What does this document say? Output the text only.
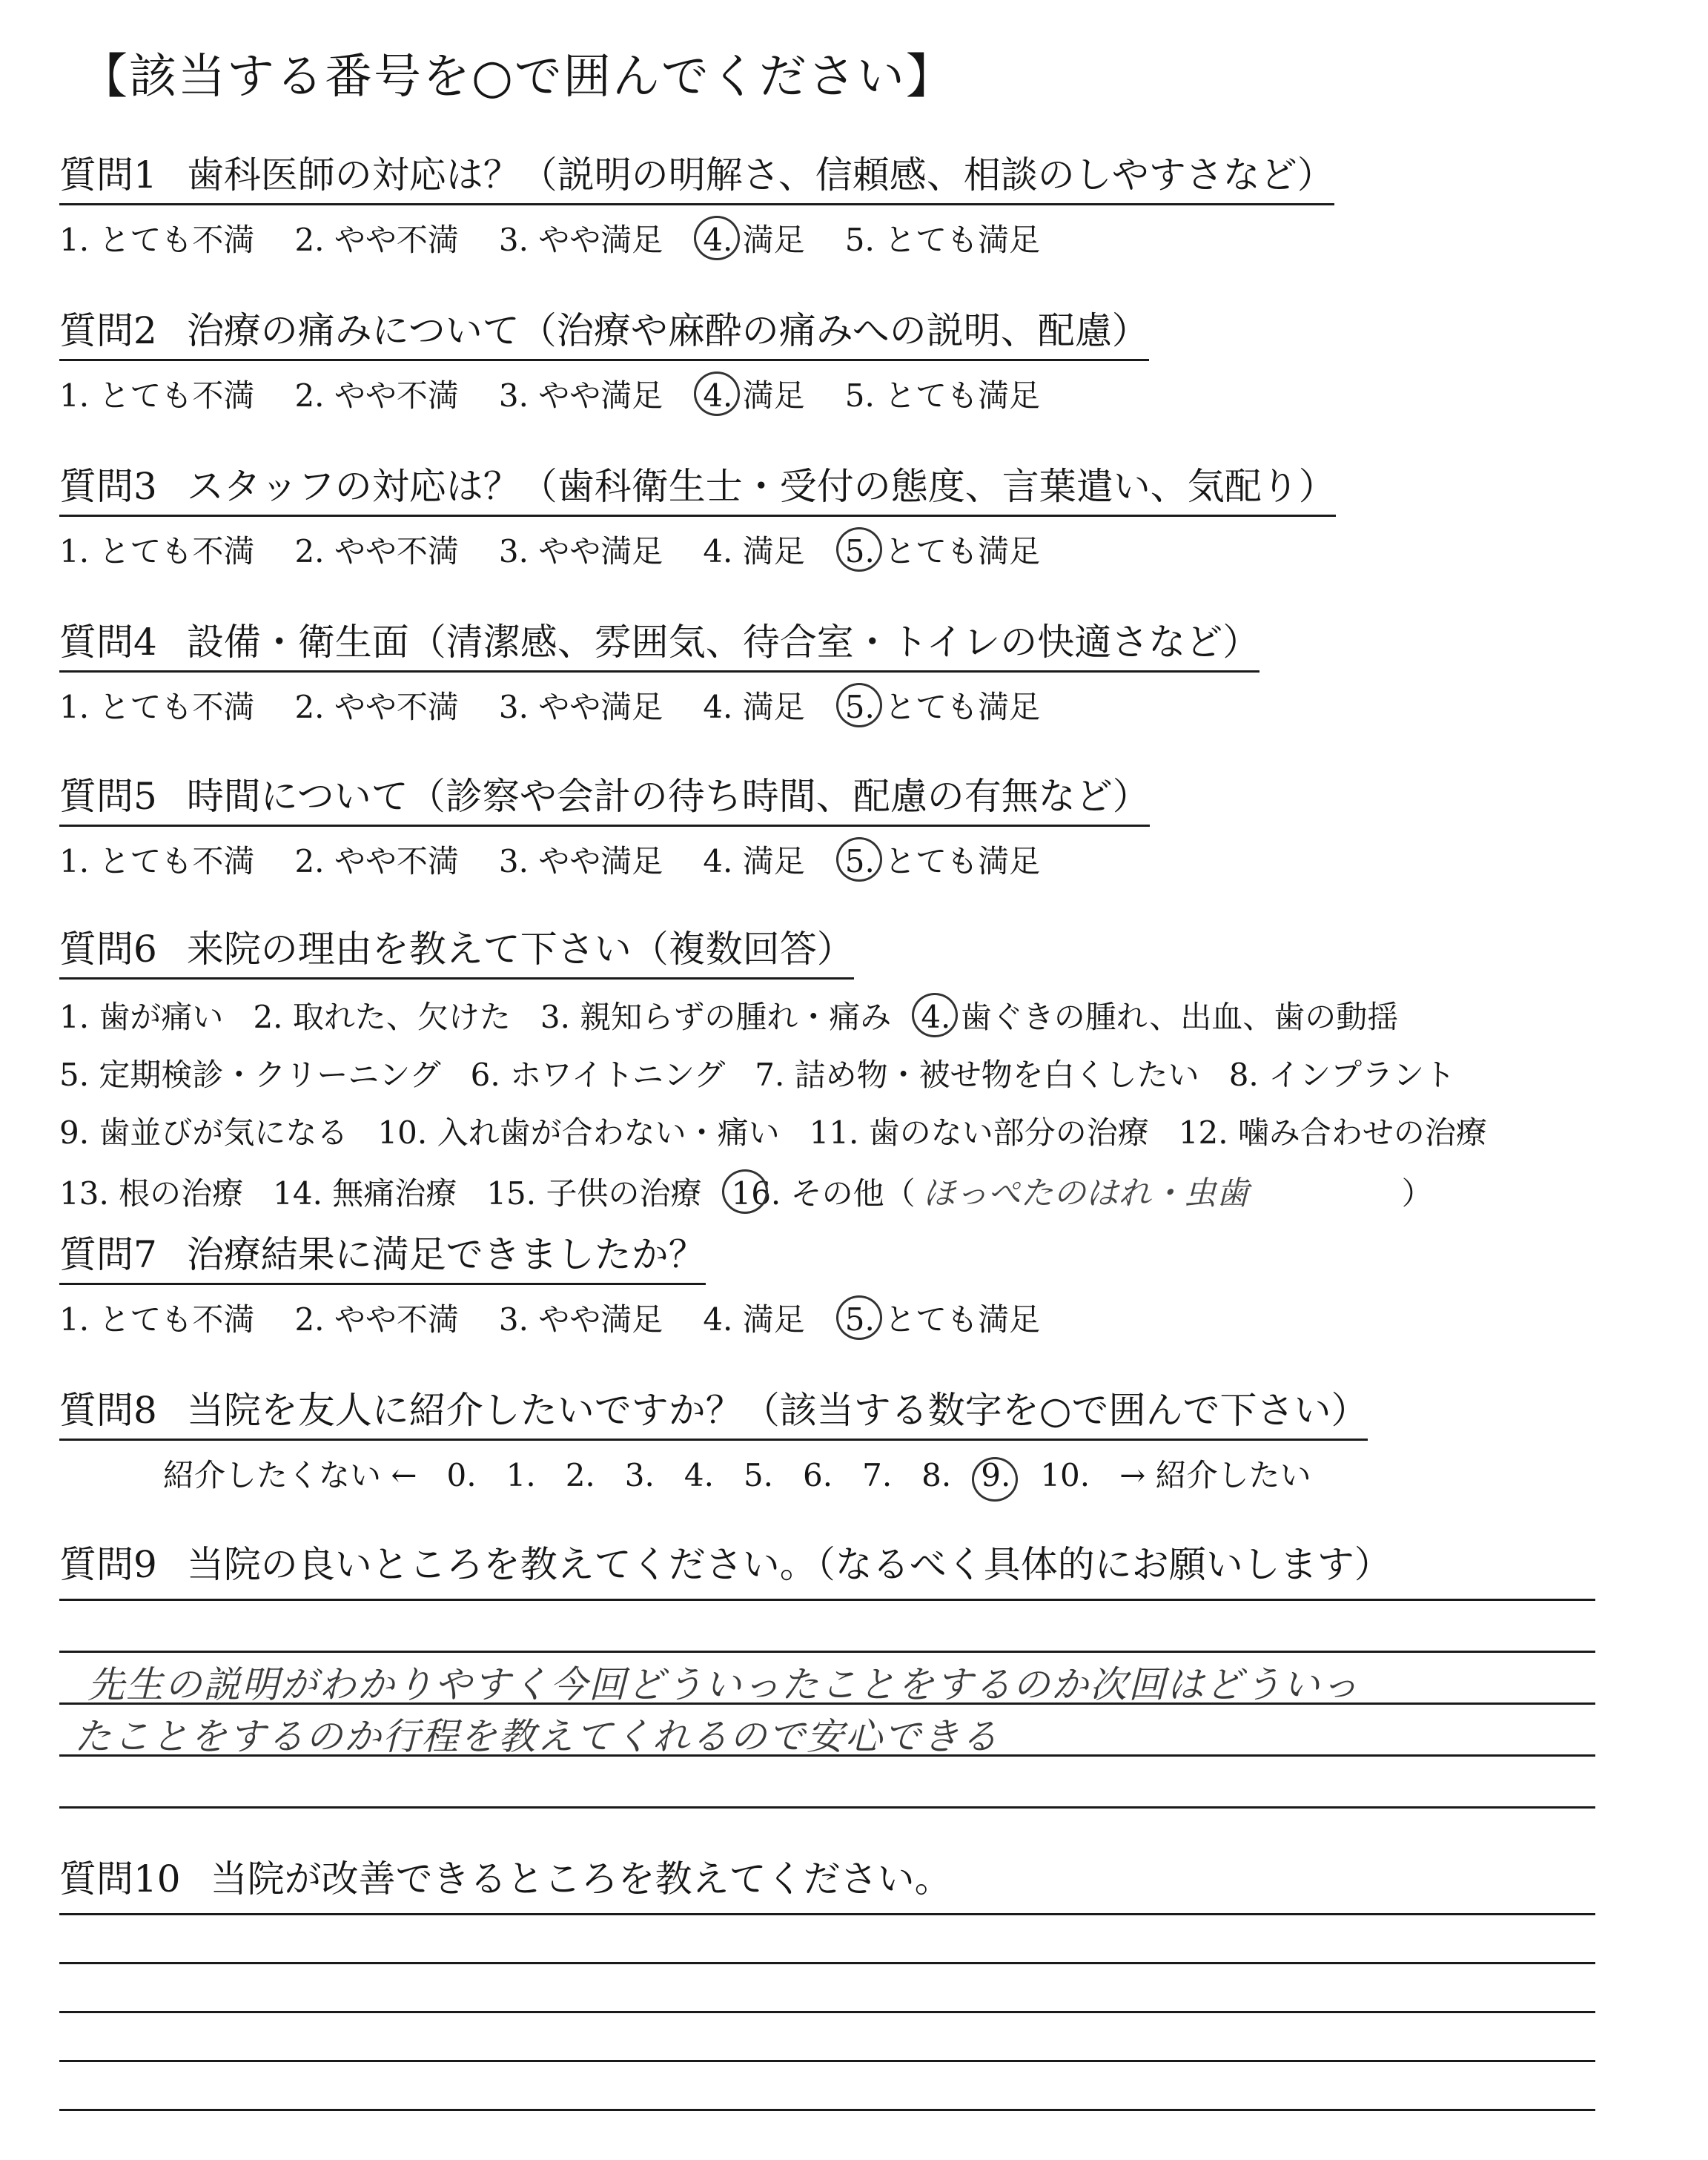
【該当する番号を○で囲んでください】
質問1 歯科医師の対応は？（説明の明解さ、信頼感、相談のしやすさなど）
1. とても不満 2. やや不満 3. やや満足 4. 満足 5. とても満足
質問2 治療の痛みについて（治療や麻酔の痛みへの説明、配慮）
1. とても不満 2. やや不満 3. やや満足 4. 満足 5. とても満足
質問3 スタッフの対応は？（歯科衛生士・受付の態度、言葉遣い、気配り）
1. とても不満 2. やや不満 3. やや満足 4. 満足 5. とても満足
質問4 設備・衛生面（清潔感、雰囲気、待合室・トイレの快適さなど）
1. とても不満 2. やや不満 3. やや満足 4. 満足 5. とても満足
質問5 時間について（診察や会計の待ち時間、配慮の有無など）
1. とても不満 2. やや不満 3. やや満足 4. 満足 5. とても満足
質問6 来院の理由を教えて下さい（複数回答）
1. 歯が痛い 2. 取れた、欠けた 3. 親知らずの腫れ・痛み 4. 歯ぐきの腫れ、出血、歯の動揺
5. 定期検診・クリーニング 6. ホワイトニング 7. 詰め物・被せ物を白くしたい 8. インプラント
9. 歯並びが気になる 10. 入れ歯が合わない・痛い 11. 歯のない部分の治療 12. 噛み合わせの治療
13. 根の治療 14. 無痛治療 15. 子供の治療 16. その他（ ほっぺたのはれ・虫歯	）
質問7 治療結果に満足できましたか？
1. とても不満 2. やや不満 3. やや満足 4. 満足 5. とても満足
質問8 当院を友人に紹介したいですか？（該当する数字を○で囲んで下さい）
紹介したくない ← 0. 1. 2. 3. 4. 5. 6. 7. 8. 9. 10. → 紹介したい
質問9 当院の良いところを教えてください。（なるべく具体的にお願いします）
先生の説明がわかりやすく今回どういったことをするのか次回はどういっ
たことをするのか行程を教えてくれるので安心できる
質問10 当院が改善できるところを教えてください。
